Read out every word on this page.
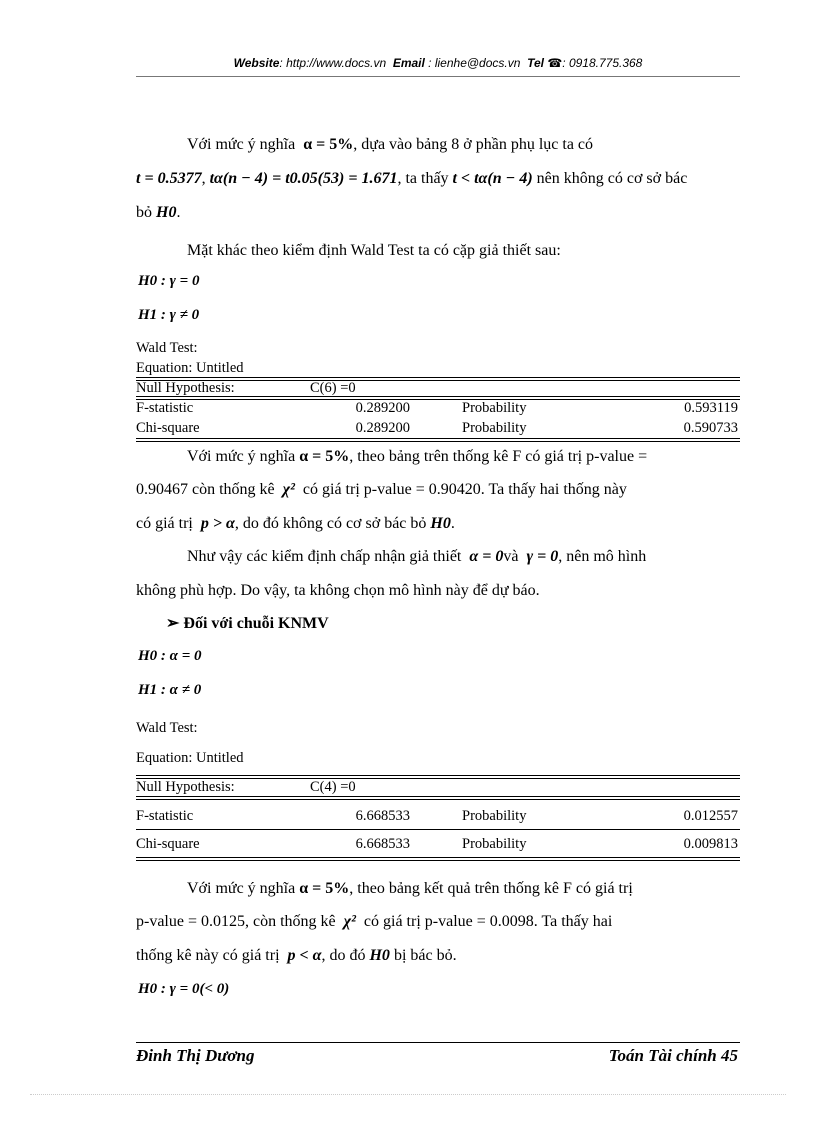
Website: http://www.docs.vn Email : lienhe@docs.vn Tel ☎: 0918.775.368
Với mức ý nghĩa α = 5%, dựa vào bảng 8 ở phần phụ lục ta có
t = 0.5377, tα(n − 4) = t0.05(53) = 1.671, ta thấy t < tα(n − 4) nên không có cơ sở bác
bỏ H0.
Mặt khác theo kiểm định Wald Test ta có cặp giả thiết sau:
H0 : γ = 0
H1 : γ ≠ 0
Wald Test:
Equation: Untitled
Null Hypothesis:	C(6) =0
F-statistic	0.289200	Probability	0.593119
Chi-square	0.289200	Probability	0.590733
Với mức ý nghĩa α = 5%, theo bảng trên thống kê F có giá trị p-value =
0.90467 còn thống kê χ² có giá trị p-value = 0.90420. Ta thấy hai thống này
có giá trị p > α, do đó không có cơ sở bác bỏ H0.
Như vậy các kiểm định chấp nhận giả thiết α = 0và γ = 0, nên mô hình
không phù hợp. Do vậy, ta không chọn mô hình này để dự báo.
➢ Đối với chuỗi KNMV
H0 : α = 0
H1 : α ≠ 0
Wald Test:
Equation: Untitled
Null Hypothesis:	C(4) =0
F-statistic	6.668533	Probability	0.012557
Chi-square	6.668533	Probability	0.009813
Với mức ý nghĩa α = 5%, theo bảng kết quả trên thống kê F có giá trị
p-value = 0.0125, còn thống kê χ² có giá trị p-value = 0.0098. Ta thấy hai
thống kê này có giá trị p < α, do đó H0 bị bác bỏ.
H0 : γ = 0(< 0)
Đinh Thị Dương	Toán Tài chính 45
